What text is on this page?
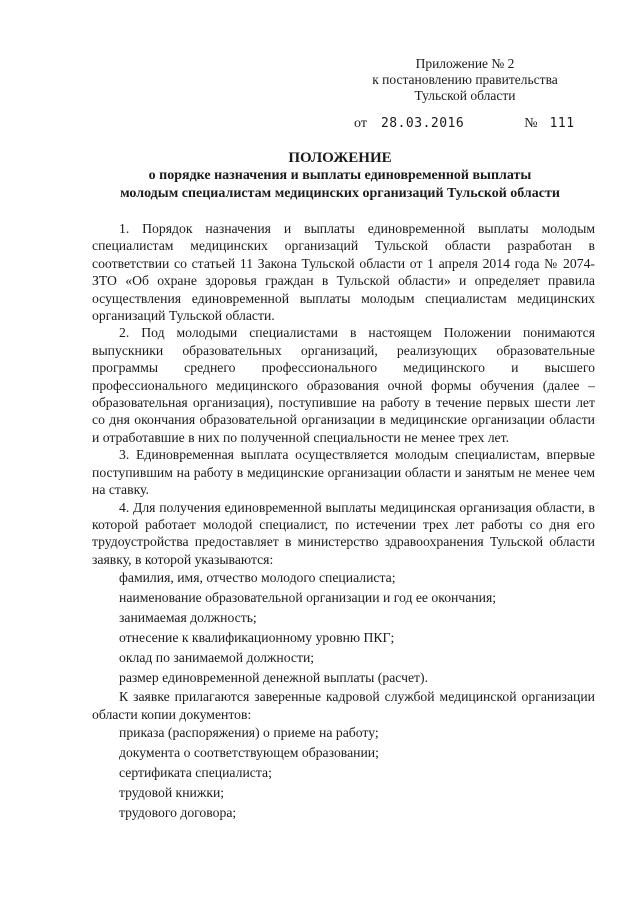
Приложение № 2
к постановлению правительства
Тульской области
от 28.03.2016	№ 111
ПОЛОЖЕНИЕ
о порядке назначения и выплаты единовременной выплаты
молодым специалистам медицинских организаций Тульской области

1. Порядок назначения и выплаты единовременной выплаты молодым специалистам медицинских организаций Тульской области разработан в соответствии со статьей 11 Закона Тульской области от 1 апреля 2014 года № 2074-ЗТО «Об охране здоровья граждан в Тульской области» и определяет правила осуществления единовременной выплаты молодым специалистам медицинских организаций Тульской области.

2. Под молодыми специалистами в настоящем Положении понимаются выпускники образовательных организаций, реализующих образовательные программы среднего профессионального медицинского и высшего профессионального медицинского образования очной формы обучения (далее – образовательная организация), поступившие на работу в течение первых шести лет со дня окончания образовательной организации в медицинские организации области и отработавшие в них по полученной специальности не менее трех лет.

3. Единовременная выплата осуществляется молодым специалистам, впервые поступившим на работу в медицинские организации области и занятым не менее чем на ставку.

4. Для получения единовременной выплаты медицинская организация области, в которой работает молодой специалист, по истечении трех лет работы со дня его трудоустройства предоставляет в министерство здравоохранения Тульской области заявку, в которой указываются:

фамилия, имя, отчество молодого специалиста;
наименование образовательной организации и год ее окончания;
занимаемая должность;
отнесение к квалификационному уровню ПКГ;
оклад по занимаемой должности;
размер единовременной денежной выплаты (расчет).

К заявке прилагаются заверенные кадровой службой медицинской организации области копии документов:

приказа (распоряжения) о приеме на работу;
документа о соответствующем образовании;
сертификата специалиста;
трудовой книжки;
трудового договора;
